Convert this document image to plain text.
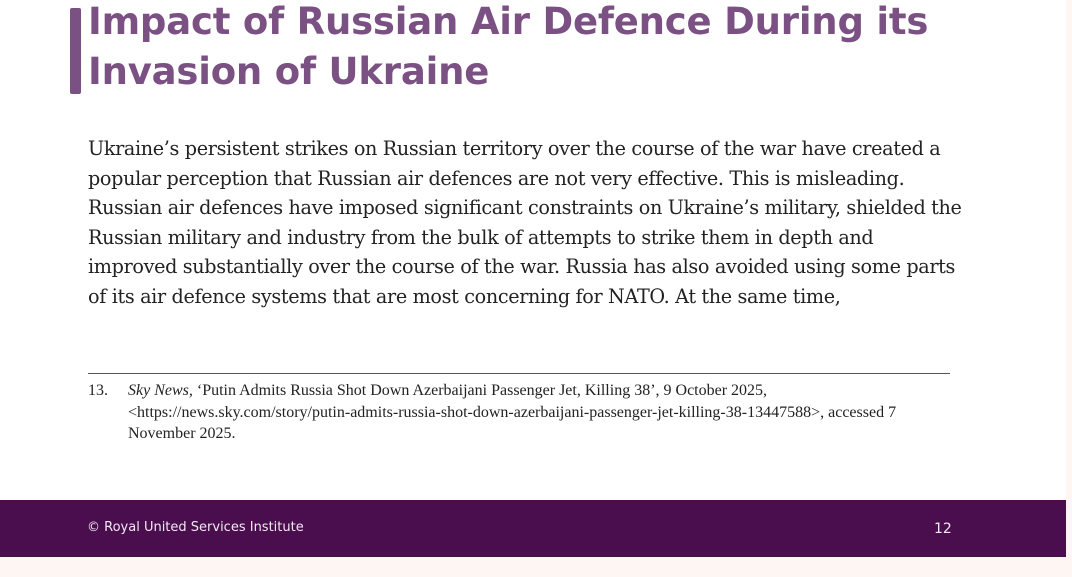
Impact of Russian Air Defence During its Invasion of Ukraine

Ukraine’s persistent strikes on Russian territory over the course of the war have created a popular perception that Russian air defences are not very effective. This is misleading. Russian air defences have imposed significant constraints on Ukraine’s military, shielded the Russian military and industry from the bulk of attempts to strike them in depth and improved substantially over the course of the war. Russia has also avoided using some parts of its air defence systems that are most concerning for NATO. At the same time,

13. Sky News, ‘Putin Admits Russia Shot Down Azerbaijani Passenger Jet, Killing 38’, 9 October 2025, <https://news.sky.com/story/putin-admits-russia-shot-down-azerbaijani-passenger-jet-killing-38-13447588>, accessed 7 November 2025.
© Royal United Services Institute	12
